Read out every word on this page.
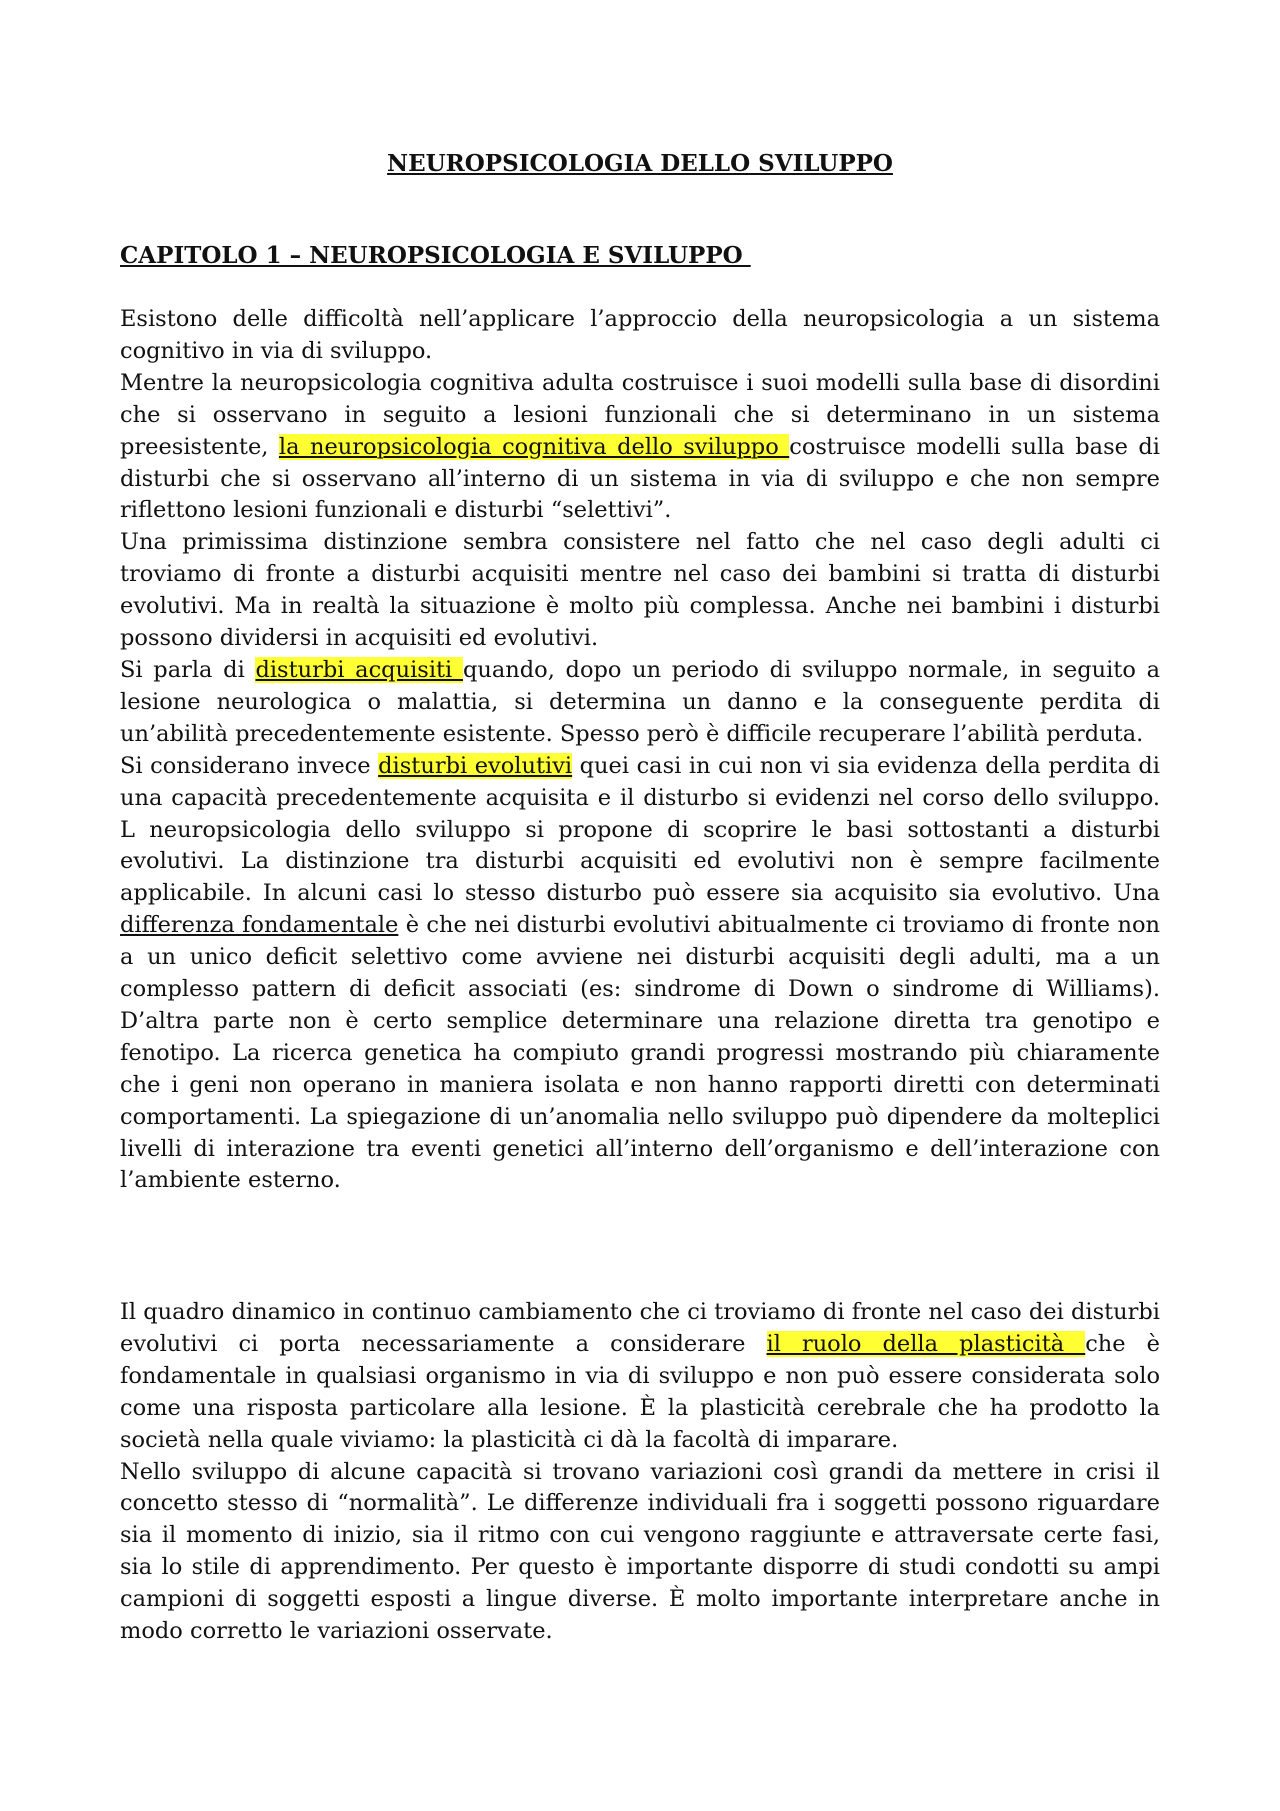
NEUROPSICOLOGIA DELLO SVILUPPO
CAPITOLO 1 – NEUROPSICOLOGIA E SVILUPPO

Esistono delle difficoltà nell’applicare l’approccio della neuropsicologia a un sistema cognitivo in via di sviluppo.

Mentre la neuropsicologia cognitiva adulta costruisce i suoi modelli sulla base di disordini che si osservano in seguito a lesioni funzionali che si determinano in un sistema preesistente, la neuropsicologia cognitiva dello sviluppo costruisce modelli sulla base di disturbi che si osservano all’interno di un sistema in via di sviluppo e che non sempre riflettono lesioni funzionali e disturbi “selettivi”.

Una primissima distinzione sembra consistere nel fatto che nel caso degli adulti ci troviamo di fronte a disturbi acquisiti mentre nel caso dei bambini si tratta di disturbi evolutivi. Ma in realtà la situazione è molto più complessa. Anche nei bambini i disturbi possono dividersi in acquisiti ed evolutivi.

Si parla di disturbi acquisiti quando, dopo un periodo di sviluppo normale, in seguito a lesione neurologica o malattia, si determina un danno e la conseguente perdita di un’abilità precedentemente esistente. Spesso però è difficile recuperare l’abilità perduta.

Si considerano invece disturbi evolutivi quei casi in cui non vi sia evidenza della perdita di una capacità precedentemente acquisita e il disturbo si evidenzi nel corso dello sviluppo. L neuropsicologia dello sviluppo si propone di scoprire le basi sottostanti a disturbi evolutivi. La distinzione tra disturbi acquisiti ed evolutivi non è sempre facilmente applicabile. In alcuni casi lo stesso disturbo può essere sia acquisito sia evolutivo. Una differenza fondamentale è che nei disturbi evolutivi abitualmente ci troviamo di fronte non a un unico deficit selettivo come avviene nei disturbi acquisiti degli adulti, ma a un complesso pattern di deficit associati (es: sindrome di Down o sindrome di Williams). D’altra parte non è certo semplice determinare una relazione diretta tra genotipo e fenotipo. La ricerca genetica ha compiuto grandi progressi mostrando più chiaramente che i geni non operano in maniera isolata e non hanno rapporti diretti con determinati comportamenti. La spiegazione di un’anomalia nello sviluppo può dipendere da molteplici livelli di interazione tra eventi genetici all’interno dell’organismo e dell’interazione con l’ambiente esterno.

Il quadro dinamico in continuo cambiamento che ci troviamo di fronte nel caso dei disturbi evolutivi ci porta necessariamente a considerare il ruolo della plasticità che è fondamentale in qualsiasi organismo in via di sviluppo e non può essere considerata solo come una risposta particolare alla lesione. È la plasticità cerebrale che ha prodotto la società nella quale viviamo: la plasticità ci dà la facoltà di imparare.

Nello sviluppo di alcune capacità si trovano variazioni così grandi da mettere in crisi il concetto stesso di “normalità”. Le differenze individuali fra i soggetti possono riguardare sia il momento di inizio, sia il ritmo con cui vengono raggiunte e attraversate certe fasi, sia lo stile di apprendimento. Per questo è importante disporre di studi condotti su ampi campioni di soggetti esposti a lingue diverse. È molto importante interpretare anche in modo corretto le variazioni osservate.
